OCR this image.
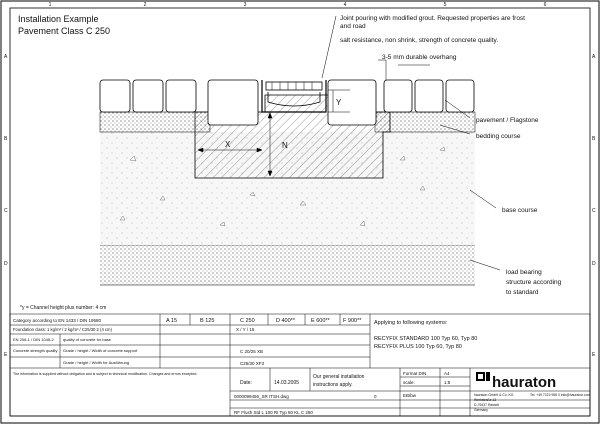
1	2	3	4	5	6
A
B
C
D
E
A
B
C
D
E
Installation Example
Pavement Class C 250
X	N
Y
Joint pouring with modified grout. Requested properties are frost
and road
salt resistance, non shrink, strength of concrete quality.
3-5 mm durable overhang
pavement / Flagstone
bedding course
base course
load bearing
structure according
to standard
*y = Channel height plus number: 4 cm
Category according to EN 1433 / DIN 19580	A 15	B 125	C 250	D 400**	E 600** F 900**
Foundation class: 1 kg/m³ / 2 kg/m³ / C25/30 2 (4 cm)	X / Y / 15
EN 206-1 / DIN 1045-2 quality of concrete for base
Concrete strength quality Grade / height / Width of concrete support	C 20/25 XB
Grade / height / Width for Ausführung	C25/30 XF3
Applying to following systems:
RECYFIX STANDARD 100 Typ 60, Typ 80
RECYFIX PLUS 100 Typ 60, Typ 80
The information is supplied without obligation and is subject to technical modification. Changes and errors excepted.
Date:	14.03.2005
Our general installation
instructions apply.
Format DIN	A4
scale:	1:5
EB/bw
0000099456_SR ITSH.dwg	0
RF Flush Std L 100 RI Typ 80 KL C 250
hauraton GmbH & Co. KG
Werkstraße 13
D-76437 Rastatt
Germany
Tel. +49 7222 958 0 info@hauraton.com
hauraton
